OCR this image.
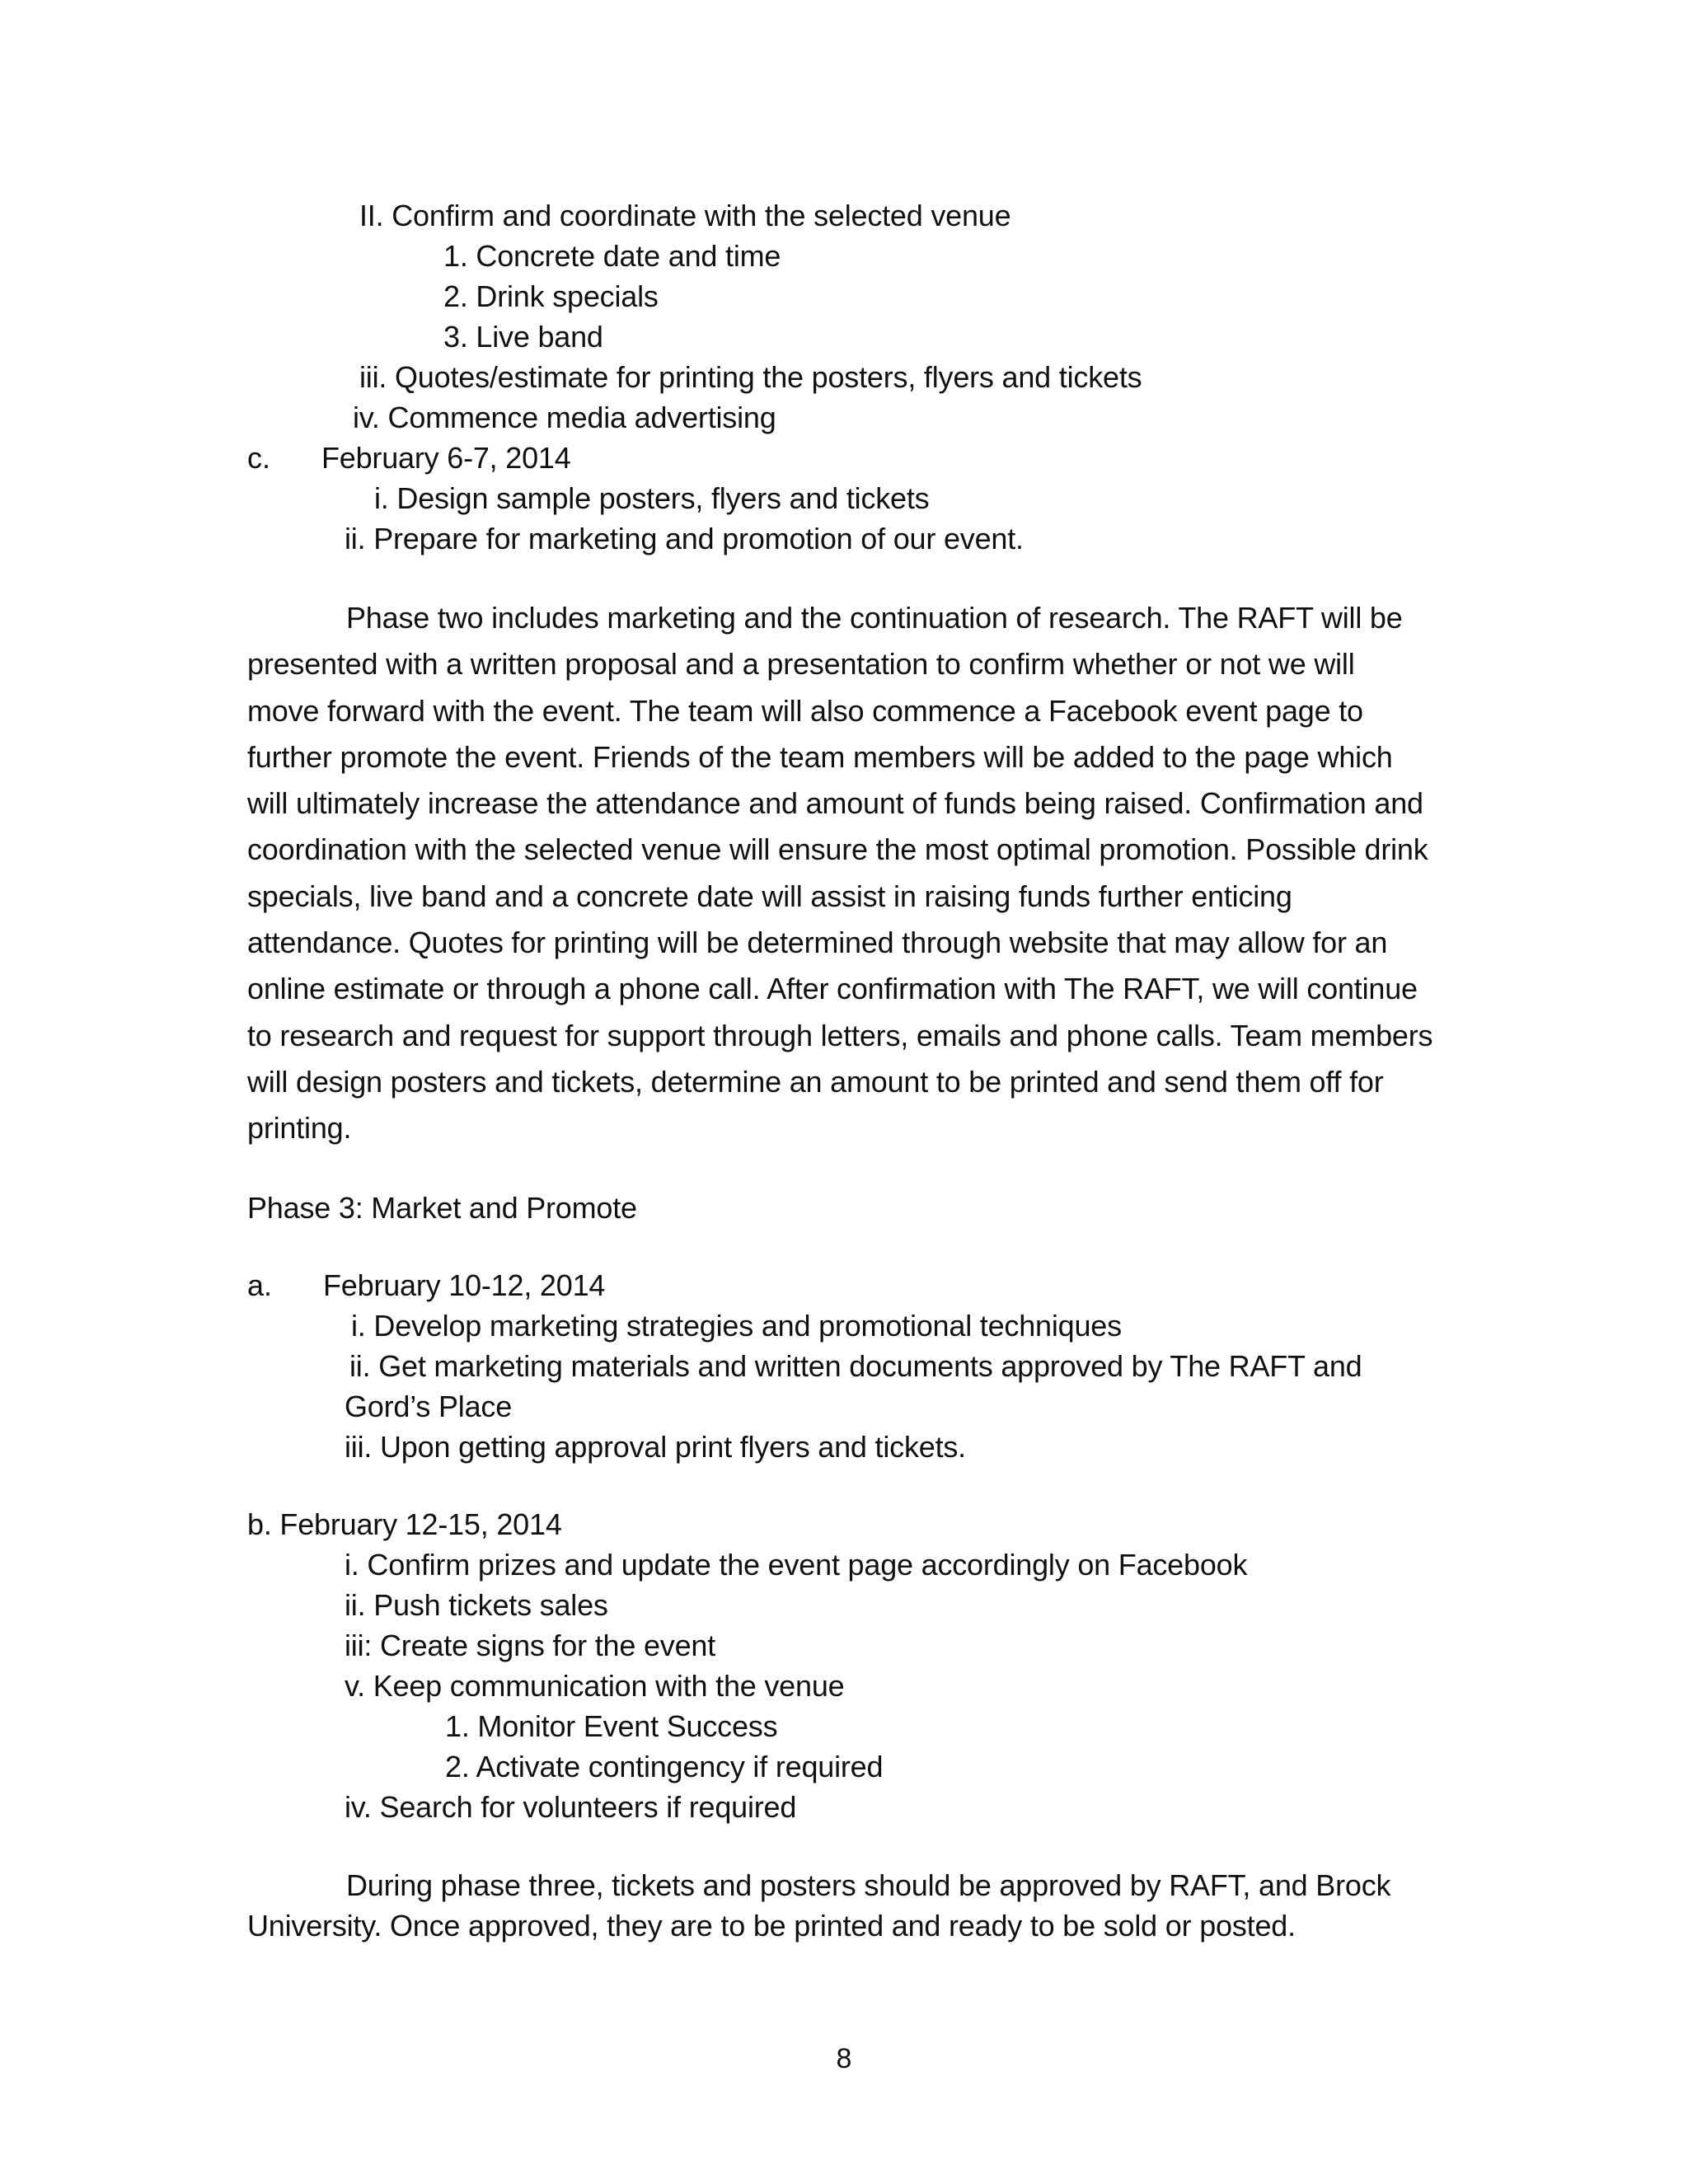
II. Confirm and coordinate with the selected venue
1. Concrete date and time
2. Drink specials
3. Live band
iii. Quotes/estimate for printing the posters, flyers and tickets
iv. Commence media advertising
c. February 6-7, 2014
i. Design sample posters, flyers and tickets
ii. Prepare for marketing and promotion of our event.

Phase two includes marketing and the continuation of research. The RAFT will be presented with a written proposal and a presentation to confirm whether or not we will move forward with the event. The team will also commence a Facebook event page to further promote the event. Friends of the team members will be added to the page which will ultimately increase the attendance and amount of funds being raised. Confirmation and coordination with the selected venue will ensure the most optimal promotion. Possible drink specials, live band and a concrete date will assist in raising funds further enticing attendance. Quotes for printing will be determined through website that may allow for an online estimate or through a phone call. After confirmation with The RAFT, we will continue to research and request for support through letters, emails and phone calls. Team members will design posters and tickets, determine an amount to be printed and send them off for printing.

Phase 3: Market and Promote
a. February 10-12, 2014
i. Develop marketing strategies and promotional techniques
ii. Get marketing materials and written documents approved by The RAFT and
Gord’s Place
iii. Upon getting approval print flyers and tickets.
b. February 12-15, 2014
i. Confirm prizes and update the event page accordingly on Facebook
ii. Push tickets sales
iii: Create signs for the event
v. Keep communication with the venue
1. Monitor Event Success
2. Activate contingency if required
iv. Search for volunteers if required

During phase three, tickets and posters should be approved by RAFT, and Brock University. Once approved, they are to be printed and ready to be sold or posted.

8
